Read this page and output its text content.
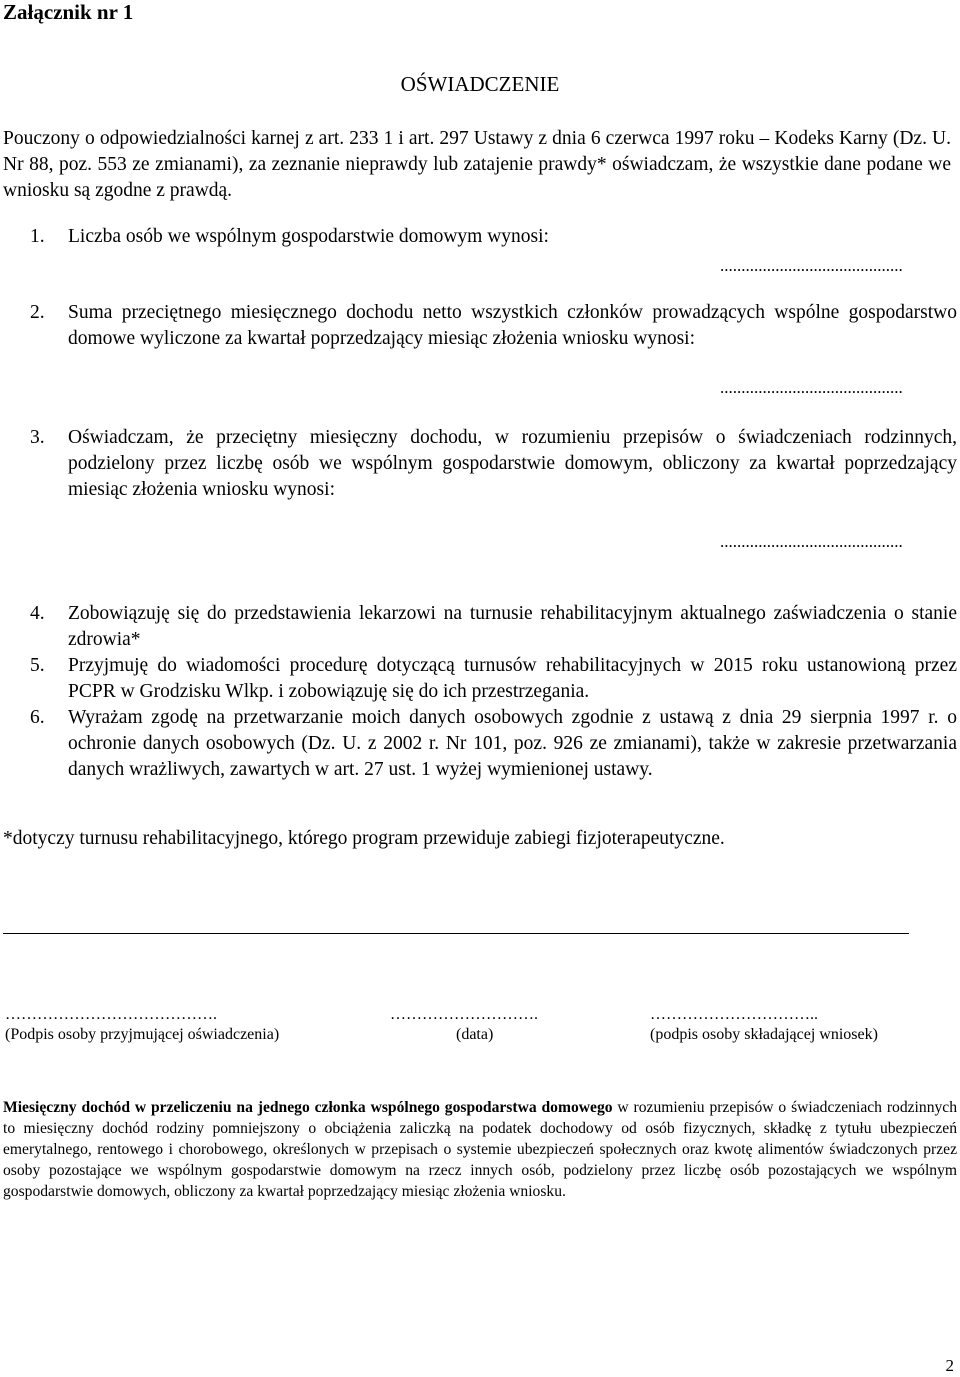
Załącznik nr 1
OŚWIADCZENIE
Pouczony o odpowiedzialności karnej z art. 233 1 i art. 297 Ustawy z dnia 6 czerwca 1997 roku – Kodeks Karny (Dz. U. Nr 88, poz. 553 ze zmianami), za zeznanie nieprawdy lub zatajenie prawdy* oświadczam, że wszystkie dane podane we wniosku są zgodne z prawdą.
1.	Liczba osób we wspólnym gospodarstwie domowym wynosi:
...........................................
2.	Suma przeciętnego miesięcznego dochodu netto wszystkich członków prowadzących wspólne gospodarstwo domowe wyliczone za kwartał poprzedzający miesiąc złożenia wniosku wynosi:
...........................................
3.	Oświadczam, że przeciętny miesięczny dochodu, w rozumieniu przepisów o świadczeniach rodzinnych, podzielony przez liczbę osób we wspólnym gospodarstwie domowym, obliczony za kwartał poprzedzający miesiąc złożenia wniosku wynosi:
...........................................
4.	Zobowiązuję się do przedstawienia lekarzowi na turnusie rehabilitacyjnym aktualnego zaświadczenia o stanie zdrowia*
5.	Przyjmuję do wiadomości procedurę dotyczącą turnusów rehabilitacyjnych w 2015 roku ustanowioną przez PCPR w Grodzisku Wlkp. i zobowiązuję się do ich przestrzegania.
6.	Wyrażam zgodę na przetwarzanie moich danych osobowych zgodnie z ustawą z dnia 29 sierpnia 1997 r. o ochronie danych osobowych (Dz. U. z 2002 r. Nr 101, poz. 926 ze zmianami), także w zakresie przetwarzania danych wrażliwych, zawartych w art. 27 ust. 1 wyżej wymienionej ustawy.
*dotyczy turnusu rehabilitacyjnego, którego program przewiduje zabiegi fizjoterapeutyczne.
………………………………….	……………………….	…………………………..
(Podpis osoby przyjmującej oświadczenia)	(data)	(podpis osoby składającej wniosek)
Miesięczny dochód w przeliczeniu na jednego członka wspólnego gospodarstwa domowego w rozumieniu przepisów o świadczeniach rodzinnych to miesięczny dochód rodziny pomniejszony o obciążenia zaliczką na podatek dochodowy od osób fizycznych, składkę z tytułu ubezpieczeń emerytalnego, rentowego i chorobowego, określonych w przepisach o systemie ubezpieczeń społecznych oraz kwotę alimentów świadczonych przez osoby pozostające we wspólnym gospodarstwie domowym na rzecz innych osób, podzielony przez liczbę osób pozostających we wspólnym gospodarstwie domowych, obliczony za kwartał poprzedzający miesiąc złożenia wniosku.
2
